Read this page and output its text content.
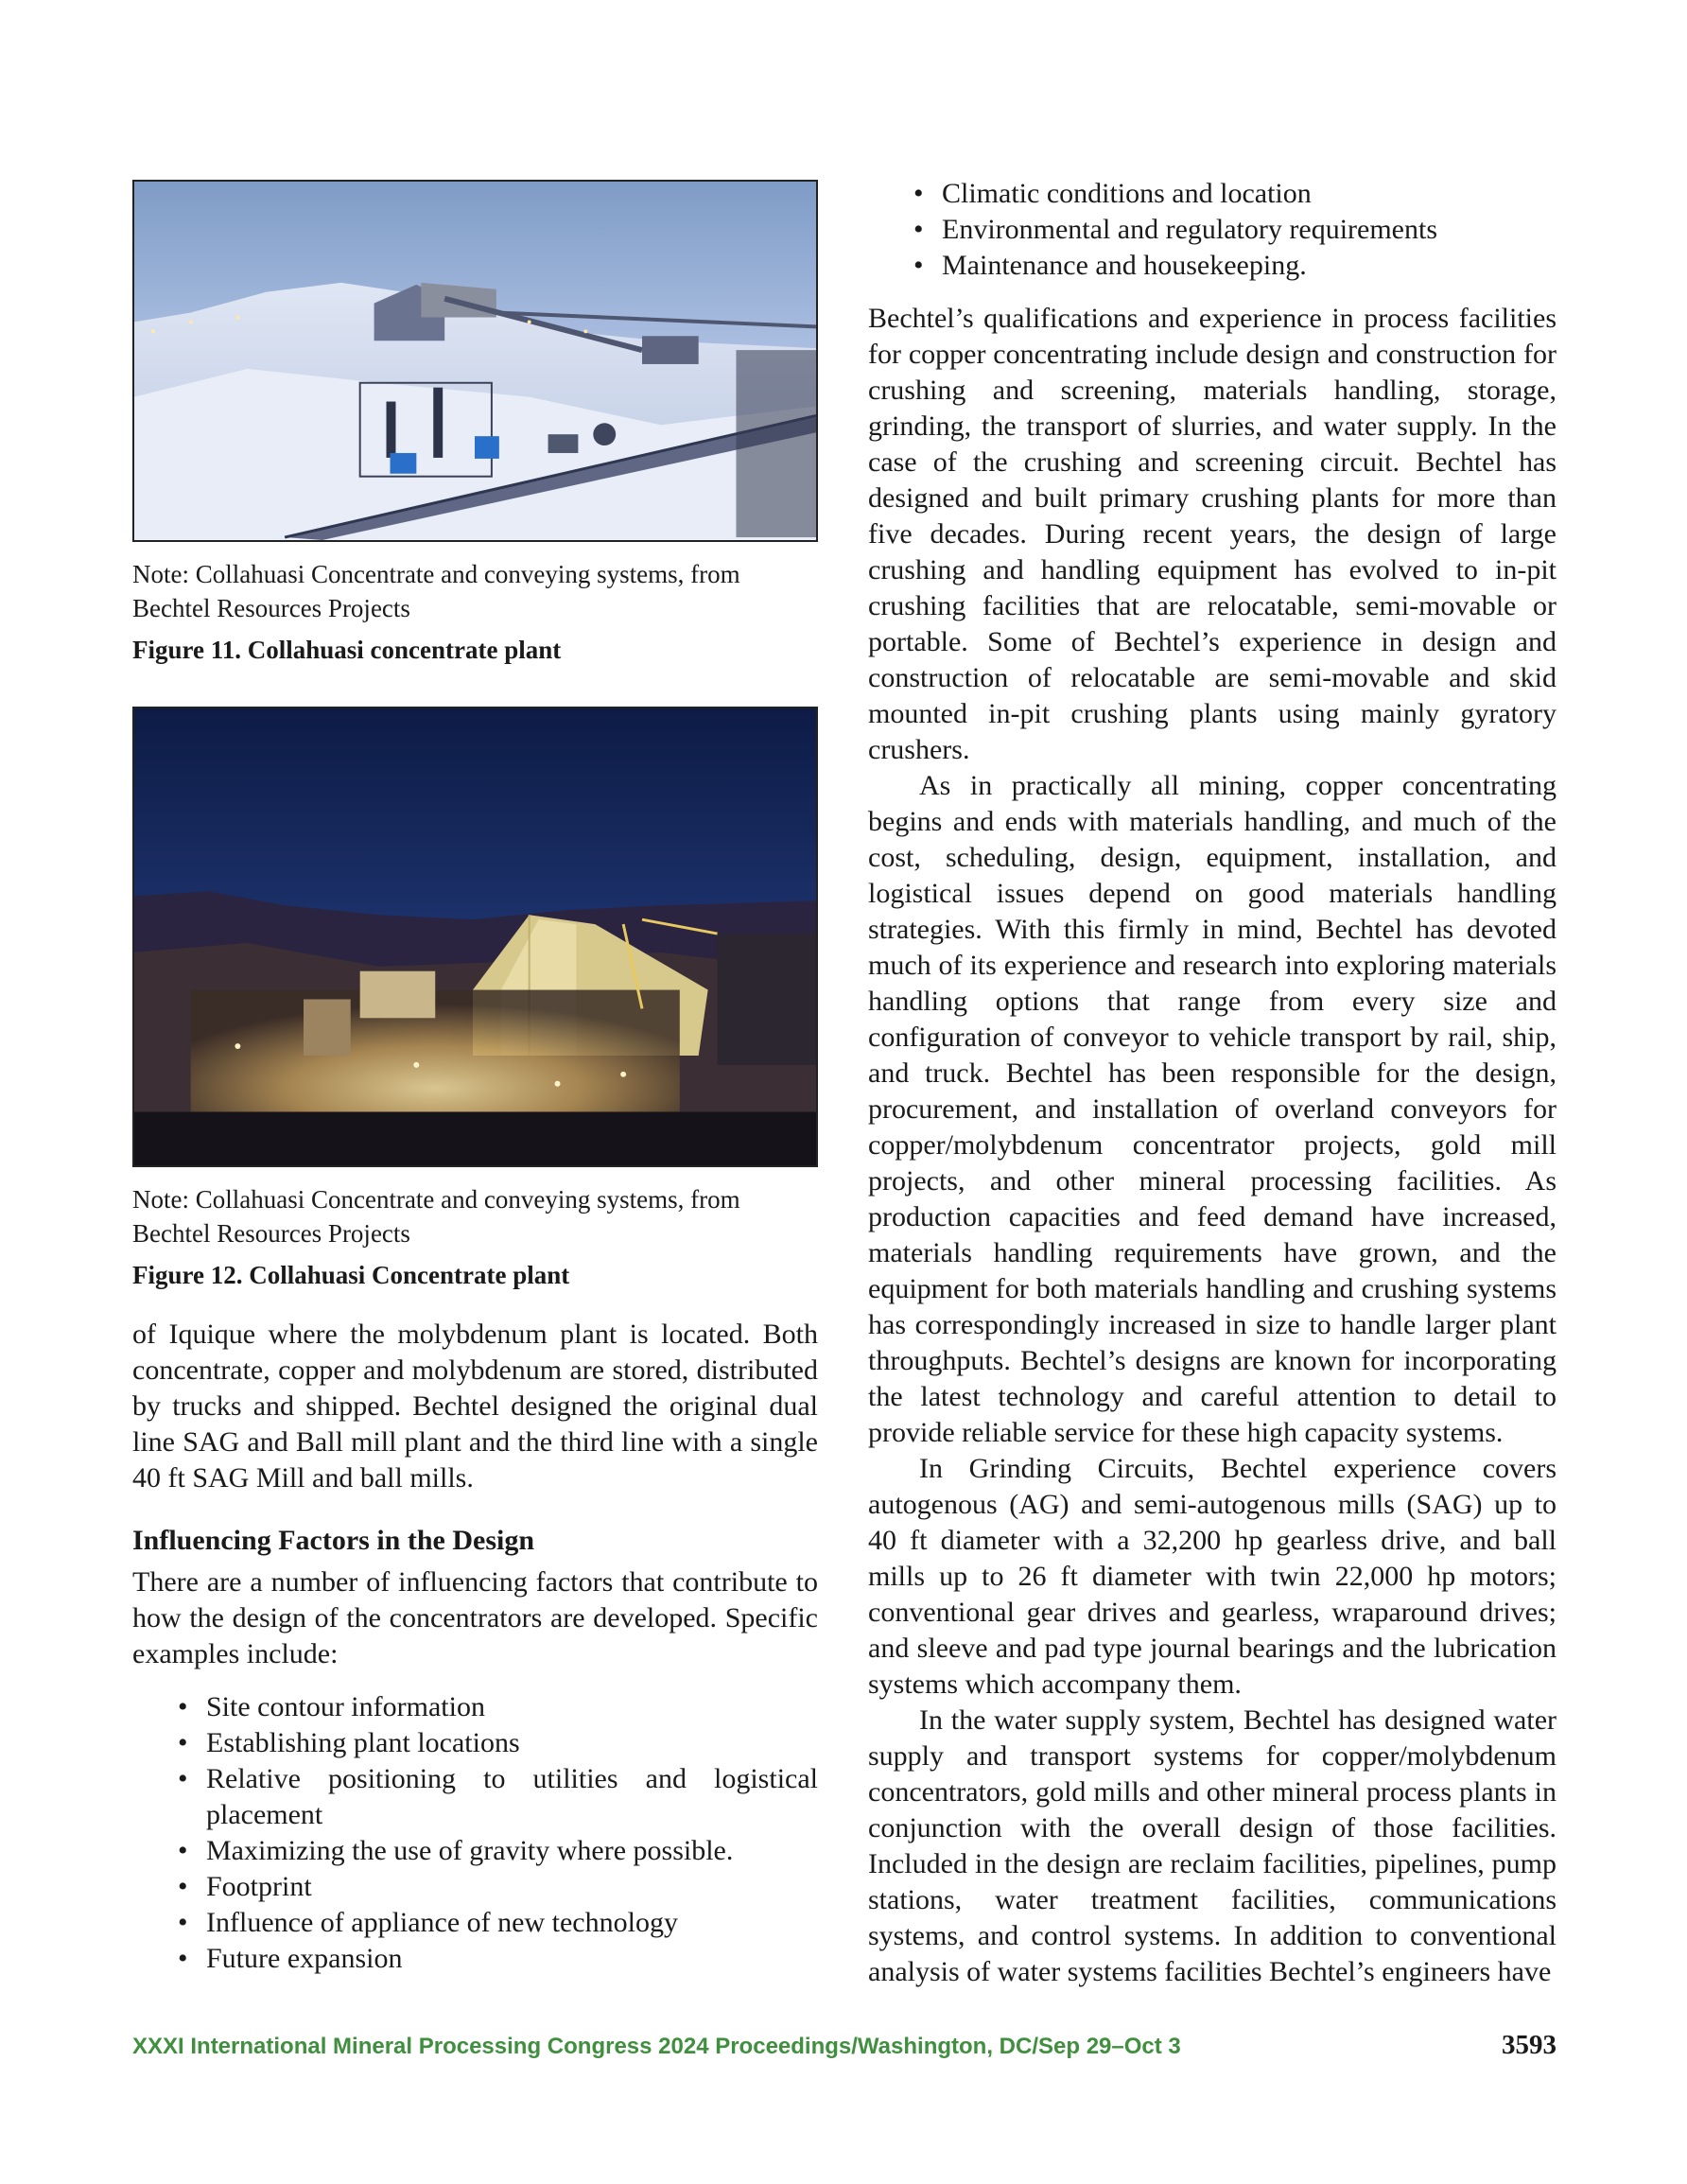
Note: Collahuasi Concentrate and conveying systems, from Bechtel Resources Projects
Figure 11. Collahuasi concentrate plant
Note: Collahuasi Concentrate and conveying systems, from Bechtel Resources Projects
Figure 12. Collahuasi Concentrate plant

of Iquique where the molybdenum plant is located. Both concentrate, copper and molybdenum are stored, distributed by trucks and shipped. Bechtel designed the original dual line SAG and Ball mill plant and the third line with a single 40 ft SAG Mill and ball mills.

Influencing Factors in the Design

There are a number of influencing factors that contribute to how the design of the concentrators are developed. Specific examples include:

• Site contour information
• Establishing plant locations
• Relative positioning to utilities and logistical placement
• Maximizing the use of gravity where possible.
• Footprint
• Influence of appliance of new technology
• Future expansion
• Climatic conditions and location
• Environmental and regulatory requirements
• Maintenance and housekeeping.

Bechtel’s qualifications and experience in process facilities for copper concentrating include design and construction for crushing and screening, materials handling, storage, grinding, the transport of slurries, and water supply. In the case of the crushing and screening circuit. Bechtel has designed and built primary crushing plants for more than five decades. During recent years, the design of large crushing and handling equipment has evolved to in-pit crushing facilities that are relocatable, semi-movable or portable. Some of Bechtel’s experience in design and construction of relocatable are semi-movable and skid mounted in-pit crushing plants using mainly gyratory crushers.

As in practically all mining, copper concentrating begins and ends with materials handling, and much of the cost, scheduling, design, equipment, installation, and logistical issues depend on good materials handling strategies. With this firmly in mind, Bechtel has devoted much of its experience and research into exploring materials handling options that range from every size and configuration of conveyor to vehicle transport by rail, ship, and truck. Bechtel has been responsible for the design, procurement, and installation of overland conveyors for copper/molybdenum concentrator projects, gold mill projects, and other mineral processing facilities. As production capacities and feed demand have increased, materials handling requirements have grown, and the equipment for both materials handling and crushing systems has correspondingly increased in size to handle larger plant throughputs. Bechtel’s designs are known for incorporating the latest technology and careful attention to detail to provide reliable service for these high capacity systems.

In Grinding Circuits, Bechtel experience covers autogenous (AG) and semi-autogenous mills (SAG) up to 40 ft diameter with a 32,200 hp gearless drive, and ball mills up to 26 ft diameter with twin 22,000 hp motors; conventional gear drives and gearless, wraparound drives; and sleeve and pad type journal bearings and the lubrication systems which accompany them.

In the water supply system, Bechtel has designed water supply and transport systems for copper/molybdenum concentrators, gold mills and other mineral process plants in conjunction with the overall design of those facilities. Included in the design are reclaim facilities, pipelines, pump stations, water treatment facilities, communications systems, and control systems. In addition to conventional analysis of water systems facilities Bechtel’s engineers have

XXXI International Mineral Processing Congress 2024 Proceedings/Washington, DC/Sep 29–Oct 3	3593
